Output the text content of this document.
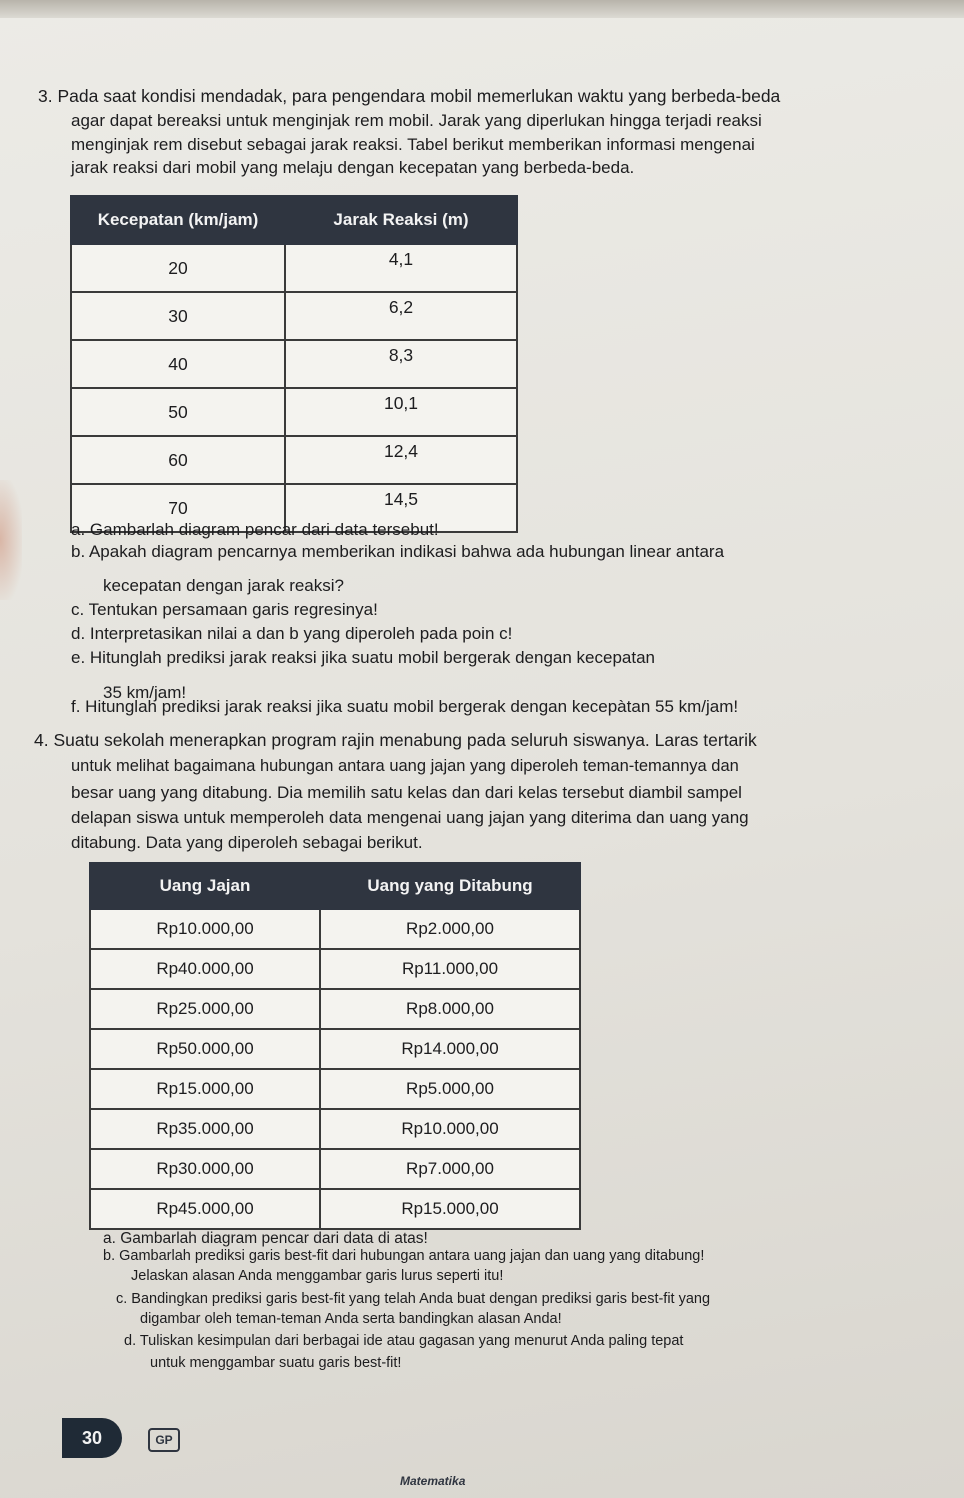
3. Pada saat kondisi mendadak, para pengendara mobil memerlukan waktu yang berbeda-beda
agar dapat bereaksi untuk menginjak rem mobil. Jarak yang diperlukan hingga terjadi reaksi
menginjak rem disebut sebagai jarak reaksi. Tabel berikut memberikan informasi mengenai
jarak reaksi dari mobil yang melaju dengan kecepatan yang berbeda-beda.
Kecepatan (km/jam)	Jarak Reaksi (m)
20	4,1
30	6,2
40	8,3
50	10,1
60	12,4
70	14,5
a. Gambarlah diagram pencar dari data tersebut!
b. Apakah diagram pencarnya memberikan indikasi bahwa ada hubungan linear antara
kecepatan dengan jarak reaksi?
c. Tentukan persamaan garis regresinya!
d. Interpretasikan nilai a dan b yang diperoleh pada poin c!
e. Hitunglah prediksi jarak reaksi jika suatu mobil bergerak dengan kecepatan
35 km/jam!
f. Hitunglah prediksi jarak reaksi jika suatu mobil bergerak dengan kecepàtan 55 km/jam!
4. Suatu sekolah menerapkan program rajin menabung pada seluruh siswanya. Laras tertarik
untuk melihat bagaimana hubungan antara uang jajan yang diperoleh teman-temannya dan
besar uang yang ditabung. Dia memilih satu kelas dan dari kelas tersebut diambil sampel
delapan siswa untuk memperoleh data mengenai uang jajan yang diterima dan uang yang
ditabung. Data yang diperoleh sebagai berikut.
Uang Jajan	Uang yang Ditabung
Rp10.000,00	Rp2.000,00
Rp40.000,00	Rp11.000,00
Rp25.000,00	Rp8.000,00
Rp50.000,00	Rp14.000,00
Rp15.000,00	Rp5.000,00
Rp35.000,00	Rp10.000,00
Rp30.000,00	Rp7.000,00
Rp45.000,00	Rp15.000,00
a. Gambarlah diagram pencar dari data di atas!
b. Gambarlah prediksi garis best-fit dari hubungan antara uang jajan dan uang yang ditabung!
Jelaskan alasan Anda menggambar garis lurus seperti itu!
c. Bandingkan prediksi garis best-fit yang telah Anda buat dengan prediksi garis best-fit yang
digambar oleh teman-teman Anda serta bandingkan alasan Anda!
d. Tuliskan kesimpulan dari berbagai ide atau gagasan yang menurut Anda paling tepat
untuk menggambar suatu garis best-fit!
30	GP
Matematika
